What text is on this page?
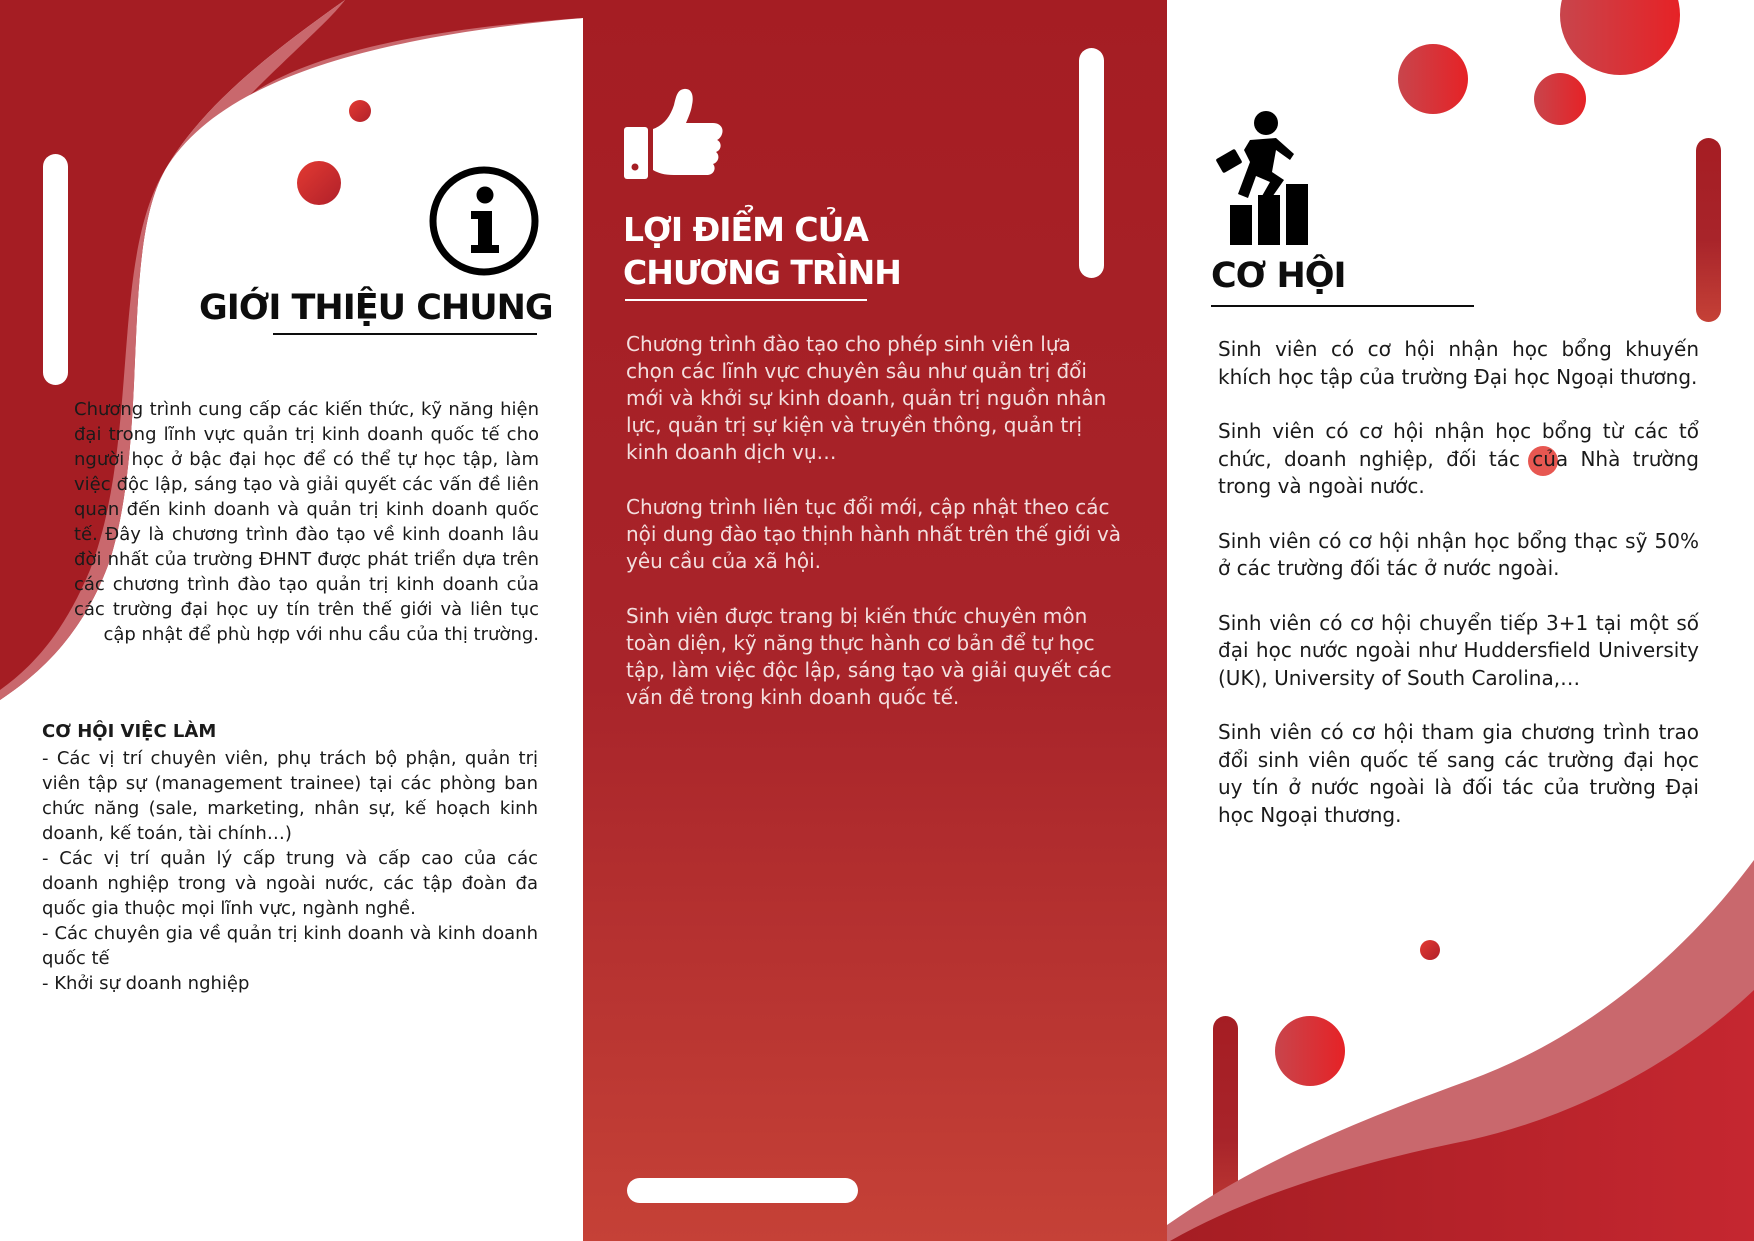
GIỚI THIỆU CHUNG
Chương trình cung cấp các kiến thức, kỹ năng hiện đại trong lĩnh vực quản trị kinh doanh quốc tế cho người học ở bậc đại học để có thể tự học tập, làm việc độc lập, sáng tạo và giải quyết các vấn đề liên quan đến kinh doanh và quản trị kinh doanh quốc tế. Đây là chương trình đào tạo về kinh doanh lâu đời nhất của trường ĐHNT được phát triển dựa trên các chương trình đào tạo quản trị kinh doanh của các trường đại học uy tín trên thế giới và liên tục cập nhật để phù hợp với nhu cầu của thị trường.
CƠ HỘI VIỆC LÀM
- Các vị trí chuyên viên, phụ trách bộ phận, quản trị viên tập sự (management trainee) tại các phòng ban chức năng (sale, marketing, nhân sự, kế hoạch kinh doanh, kế toán, tài chính…)
- Các vị trí quản lý cấp trung và cấp cao của các doanh nghiệp trong và ngoài nước, các tập đoàn đa quốc gia thuộc mọi lĩnh vực, ngành nghề.
- Các chuyên gia về quản trị kinh doanh và kinh doanh quốc tế
- Khởi sự doanh nghiệp
LỢI ĐIỂM CỦA
CHƯƠNG TRÌNH

Chương trình đào tạo cho phép sinh viên lựa chọn các lĩnh vực chuyên sâu như quản trị đổi mới và khởi sự kinh doanh, quản trị nguồn nhân lực, quản trị sự kiện và truyền thông, quản trị kinh doanh dịch vụ…

Chương trình liên tục đổi mới, cập nhật theo các nội dung đào tạo thịnh hành nhất trên thế giới và yêu cầu của xã hội.

Sinh viên được trang bị kiến thức chuyên môn toàn diện, kỹ năng thực hành cơ bản để tự học tập, làm việc độc lập, sáng tạo và giải quyết các vấn đề trong kinh doanh quốc tế.

CƠ HỘI

Sinh viên có cơ hội nhận học bổng khuyến khích học tập của trường Đại học Ngoại thương.

Sinh viên có cơ hội nhận học bổng từ các tổ chức, doanh nghiệp, đối tác của Nhà trường trong và ngoài nước.

Sinh viên có cơ hội nhận học bổng thạc sỹ 50% ở các trường đối tác ở nước ngoài.

Sinh viên có cơ hội chuyển tiếp 3+1 tại một số đại học nước ngoài như Huddersfield University (UK), University of South Carolina,…

Sinh viên có cơ hội tham gia chương trình trao đổi sinh viên quốc tế sang các trường đại học uy tín ở nước ngoài là đối tác của trường Đại học Ngoại thương.
